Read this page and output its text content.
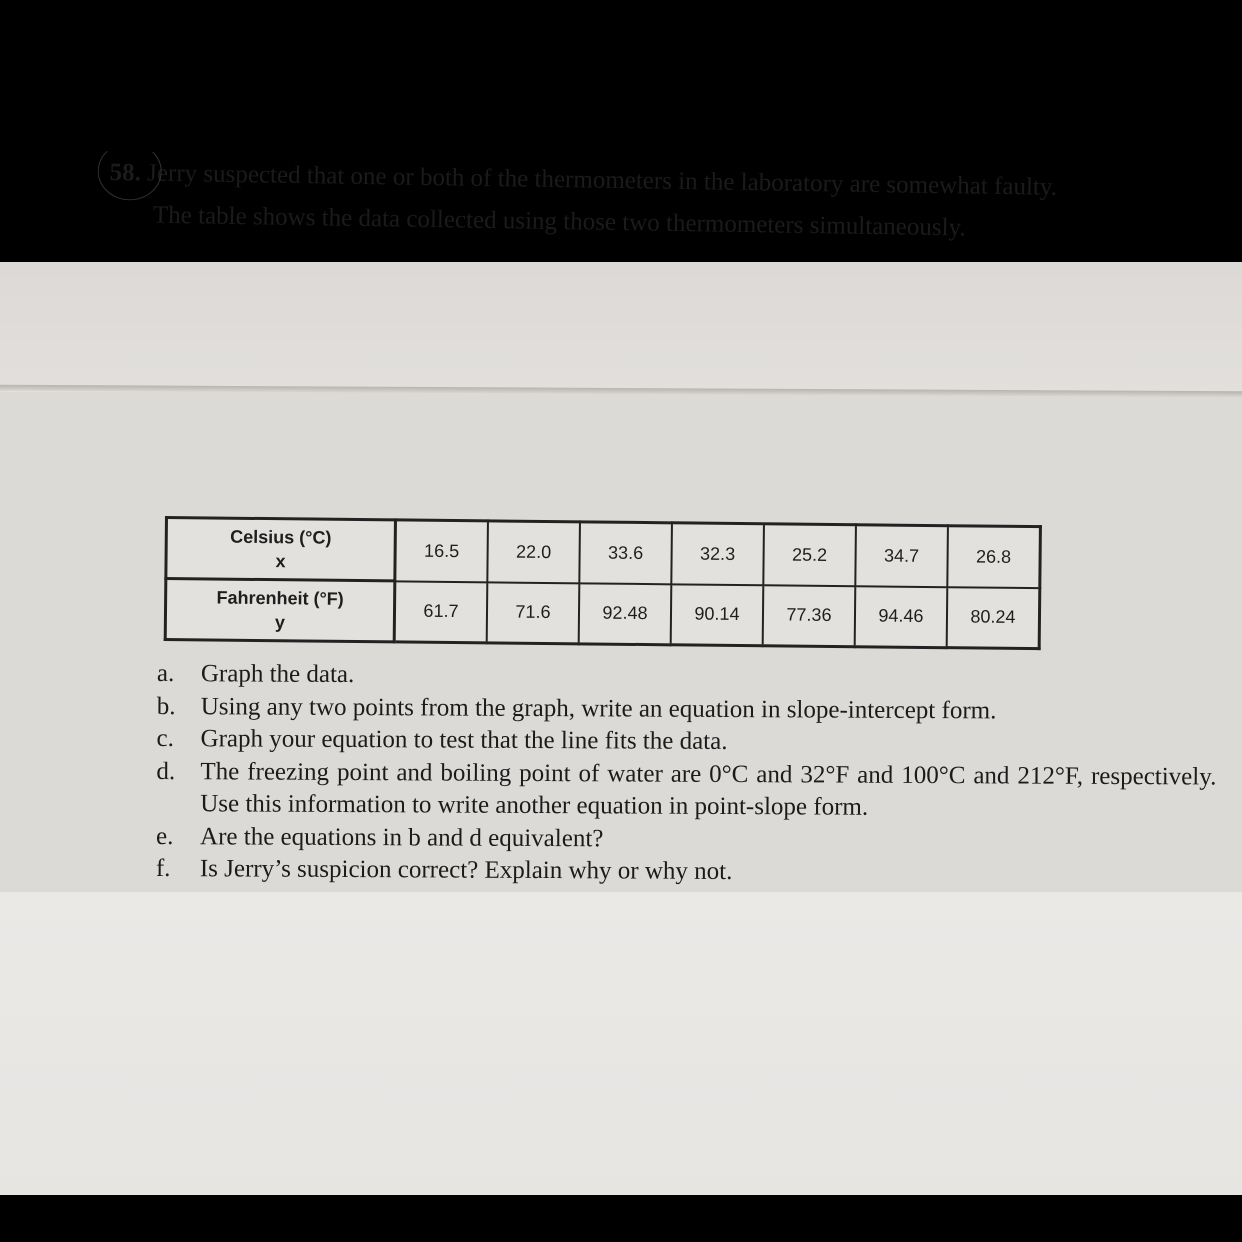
58. Jerry suspected that one or both of the thermometers in the laboratory are somewhat faulty.
The table shows the data collected using those two thermometers simultaneously.
Celsius (°C)
x	16.5	22.0	33.6	32.3	25.2	34.7	26.8

Fahrenheit (°F)
y	61.7	71.6	92.48	90.14	77.36	94.46	80.24
a.	Graph the data.
b.	Using any two points from the graph, write an equation in slope-intercept form.
c.	Graph your equation to test that the line fits the data.
d.	The freezing point and boiling point of water are 0°C and 32°F and 100°C and 212°F, respectively. Use this information to write another equation in point-slope form.
e.	Are the equations in b and d equivalent?
f.	Is Jerry’s suspicion correct? Explain why or why not.
